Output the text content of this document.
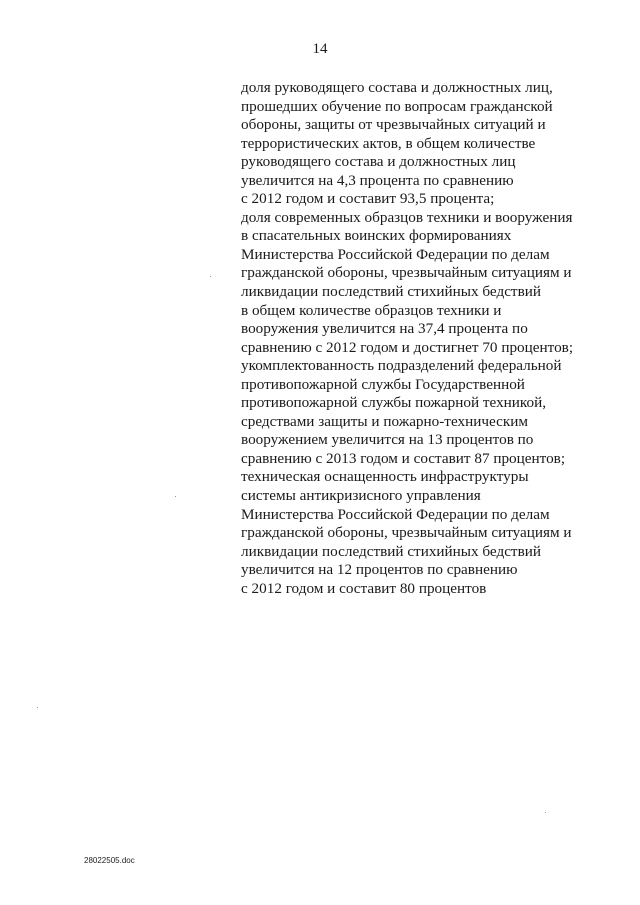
14
доля руководящего состава и должностных лиц,
прошедших обучение по вопросам гражданской
обороны, защиты от чрезвычайных ситуаций и
террористических актов, в общем количестве
руководящего состава и должностных лиц
увеличится на 4,3 процента по сравнению
с 2012 годом и составит 93,5 процента;
доля современных образцов техники и вооружения
в спасательных воинских формированиях
Министерства Российской Федерации по делам
гражданской обороны, чрезвычайным ситуациям и
ликвидации последствий стихийных бедствий
в общем количестве образцов техники и
вооружения увеличится на 37,4 процента по
сравнению с 2012 годом и достигнет 70 процентов;
укомплектованность подразделений федеральной
противопожарной службы Государственной
противопожарной службы пожарной техникой,
средствами защиты и пожарно-техническим
вооружением увеличится на 13 процентов по
сравнению с 2013 годом и составит 87 процентов;
техническая оснащенность инфраструктуры
системы антикризисного управления
Министерства Российской Федерации по делам
гражданской обороны, чрезвычайным ситуациям и
ликвидации последствий стихийных бедствий
увеличится на 12 процентов по сравнению
с 2012 годом и составит 80 процентов
28022505.doc
